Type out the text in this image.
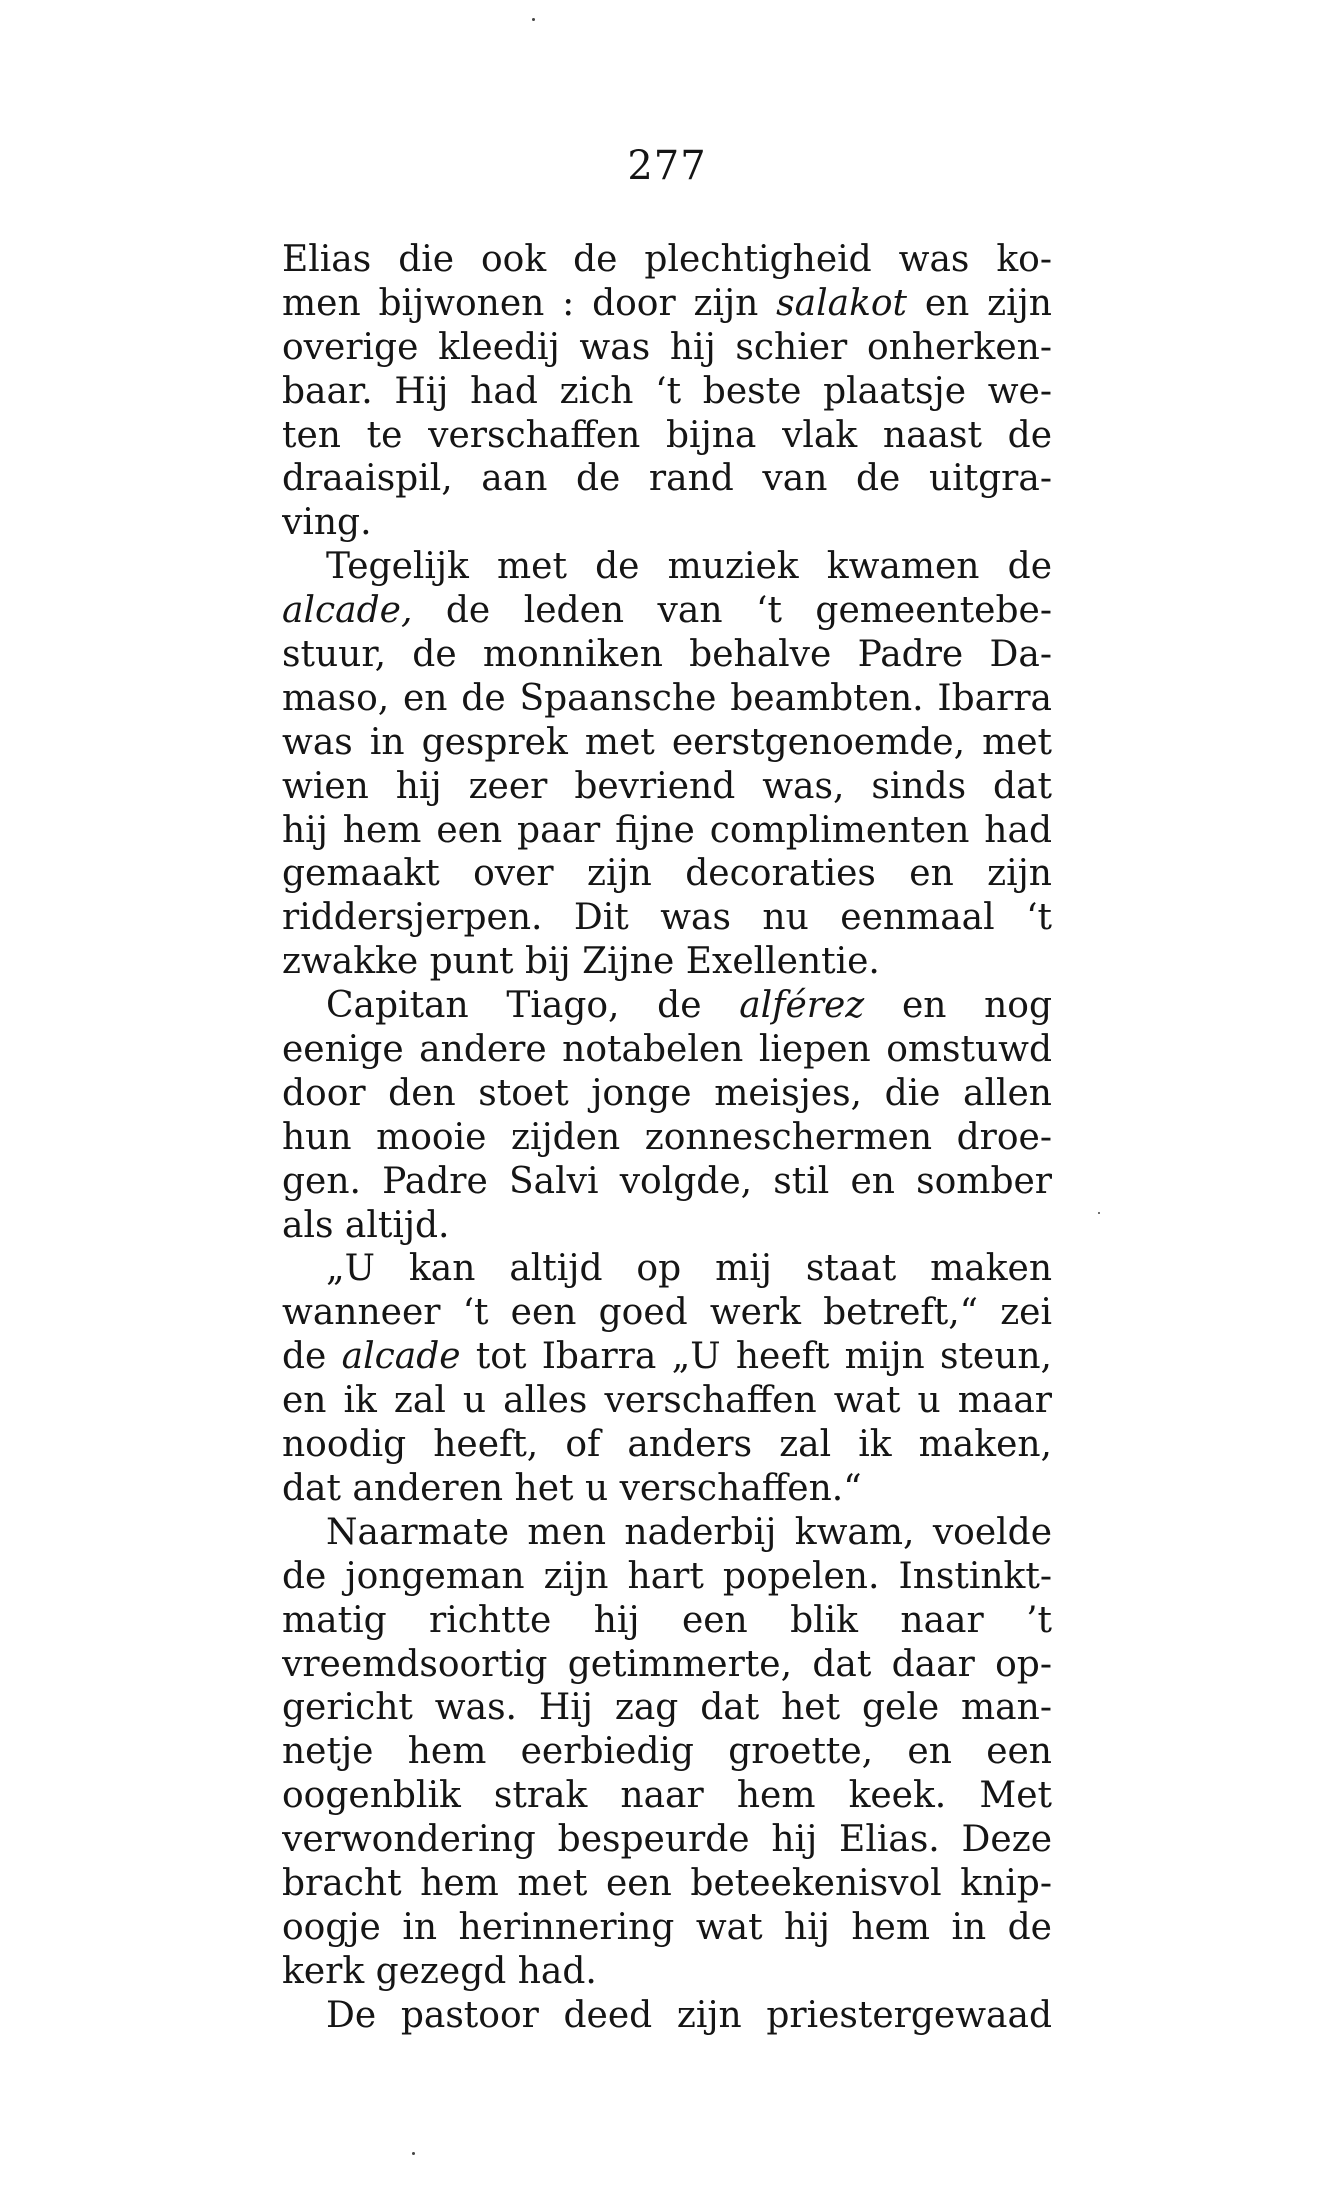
277
Elias die ook de plechtigheid was ko-
men bijwonen : door zijn salakot en zijn
overige kleedij was hij schier onherken-
baar. Hij had zich ‘t beste plaatsje we-
ten te verschaffen bijna vlak naast de
draaispil, aan de rand van de uitgra-
ving.
Tegelijk met de muziek kwamen de
alcade, de leden van ‘t gemeentebe-
stuur, de monniken behalve Padre Da-
maso, en de Spaansche beambten. Ibarra
was in gesprek met eerstgenoemde, met
wien hij zeer bevriend was, sinds dat
hij hem een paar fijne complimenten had
gemaakt over zijn decoraties en zijn
riddersjerpen. Dit was nu eenmaal ‘t
zwakke punt bij Zijne Exellentie.
Capitan Tiago, de alférez en nog
eenige andere notabelen liepen omstuwd
door den stoet jonge meisjes, die allen
hun mooie zijden zonneschermen droe-
gen. Padre Salvi volgde, stil en somber
als altijd.
„U kan altijd op mij staat maken
wanneer ‘t een goed werk betreft,“ zei
de alcade tot Ibarra „U heeft mijn steun,
en ik zal u alles verschaffen wat u maar
noodig heeft, of anders zal ik maken,
dat anderen het u verschaffen.“
Naarmate men naderbij kwam, voelde
de jongeman zijn hart popelen. Instinkt-
matig richtte hij een blik naar ’t
vreemdsoortig getimmerte, dat daar op-
gericht was. Hij zag dat het gele man-
netje hem eerbiedig groette, en een
oogenblik strak naar hem keek. Met
verwondering bespeurde hij Elias. Deze
bracht hem met een beteekenisvol knip-
oogje in herinnering wat hij hem in de
kerk gezegd had.
De pastoor deed zijn priestergewaad
